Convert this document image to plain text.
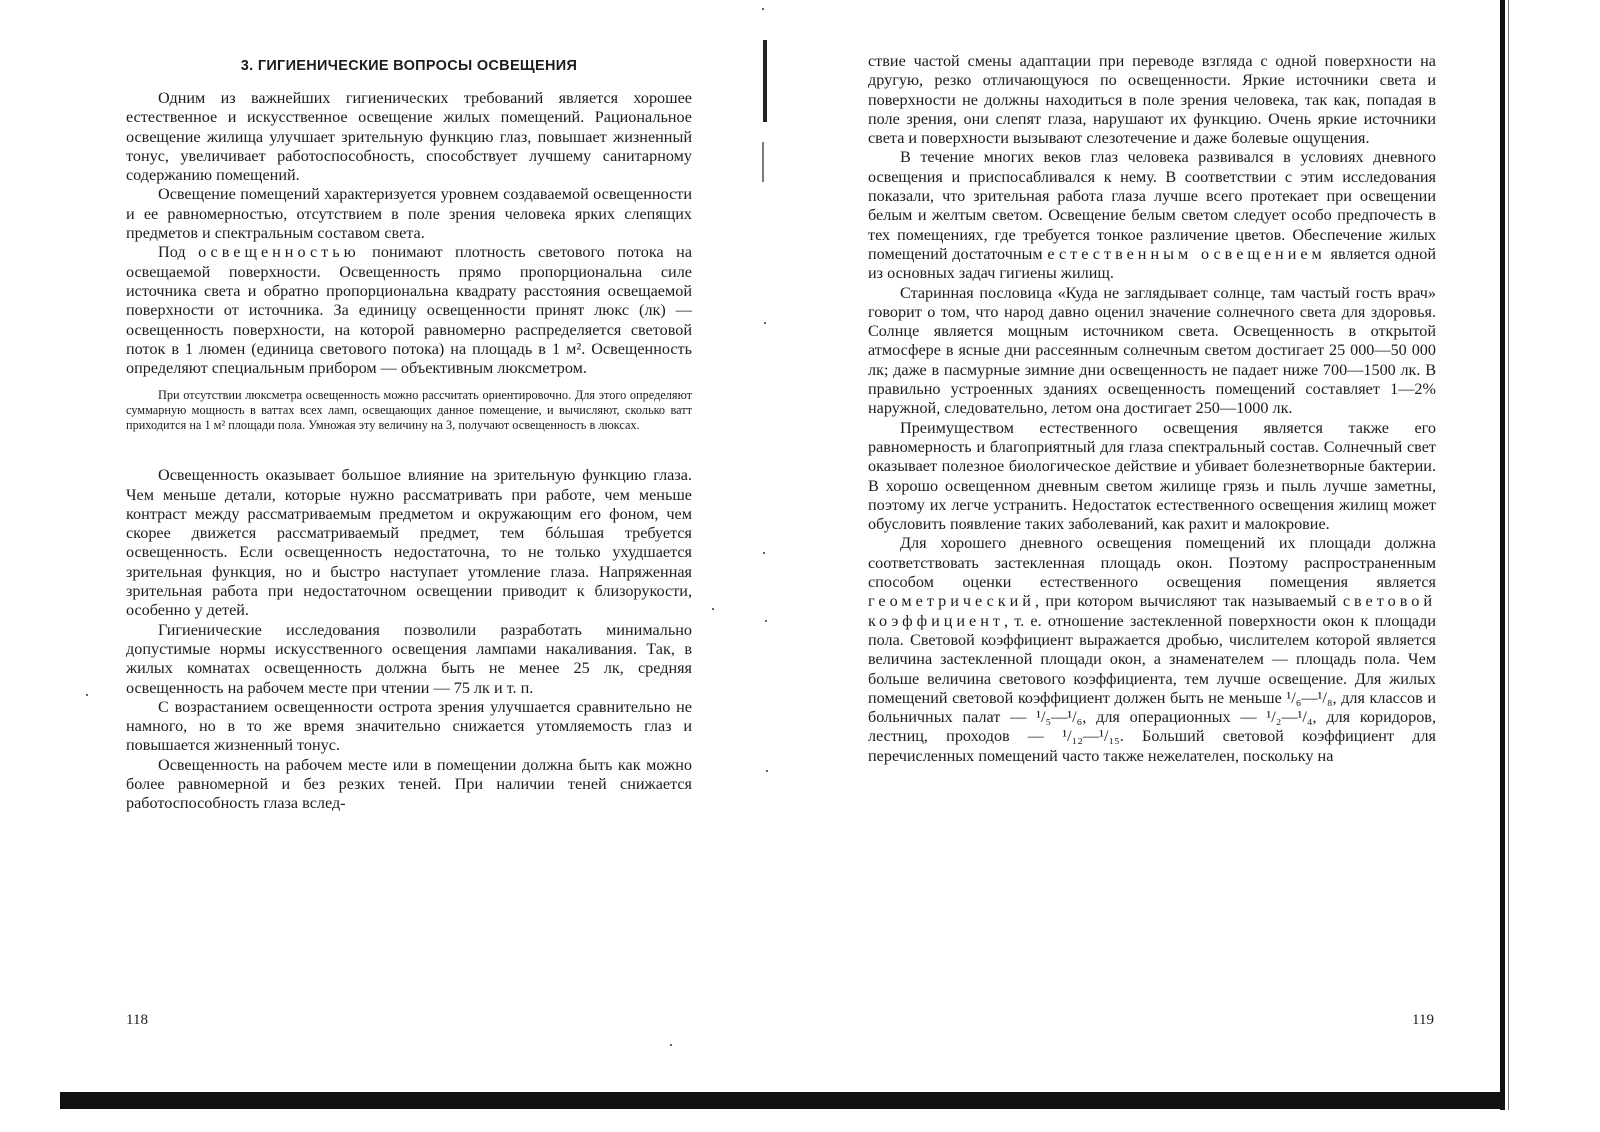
3. ГИГИЕНИЧЕСКИЕ ВОПРОСЫ ОСВЕЩЕНИЯ

Одним из важнейших гигиенических требований является хорошее естественное и искусственное освещение жилых помещений. Рациональное освещение жилища улучшает зрительную функцию глаз, повышает жизненный тонус, увеличивает работоспособность, способствует лучшему санитарному содержанию помещений.

Освещение помещений характеризуется уровнем создаваемой освещенности и ее равномерностью, отсутствием в поле зрения человека ярких слепящих предметов и спектральным составом света.

Под освещенностью понимают плотность светового потока на освещаемой поверхности. Освещенность прямо пропорциональна силе источника света и обратно пропорциональна квадрату расстояния освещаемой поверхности от источника. За единицу освещенности принят люкс (лк) —освещенность поверхности, на которой равномерно распределяется световой поток в 1 люмен (единица светового потока) на площадь в 1 м². Освещенность определяют специальным прибором — объективным люксметром.

При отсутствии люксметра освещенность можно рассчитать ориентировочно. Для этого определяют суммарную мощность в ваттах всех ламп, освещающих данное помещение, и вычисляют, сколько ватт приходится на 1 м² площади пола. Умножая эту величину на 3, получают освещенность в люксах.

Освещенность оказывает большое влияние на зрительную функцию глаза. Чем меньше детали, которые нужно рассматривать при работе, чем меньше контраст между рассматриваемым предметом и окружающим его фоном, чем скорее движется рассматриваемый предмет, тем бóльшая требуется освещенность. Если освещенность недостаточна, то не только ухудшается зрительная функция, но и быстро наступает утомление глаза. Напряженная зрительная работа при недостаточном освещении приводит к близорукости, особенно у детей.

Гигиенические исследования позволили разработать минимально допустимые нормы искусственного освещения лампами накаливания. Так, в жилых комнатах освещенность должна быть не менее 25 лк, средняя освещенность на рабочем месте при чтении — 75 лк и т. п.

С возрастанием освещенности острота зрения улучшается сравнительно не намного, но в то же время значительно снижается утомляемость глаз и повышается жизненный тонус.

Освещенность на рабочем месте или в помещении должна быть как можно более равномерной и без резких теней. При наличии теней снижается работоспособность глаза вслед-

118

ствие частой смены адаптации при переводе взгляда с одной поверхности на другую, резко отличающуюся по освещенности. Яркие источники света и поверхности не должны находиться в поле зрения человека, так как, попадая в поле зрения, они слепят глаза, нарушают их функцию. Очень яркие источники света и поверхности вызывают слезотечение и даже болевые ощущения.

В течение многих веков глаз человека развивался в условиях дневного освещения и приспосабливался к нему. В соответствии с этим исследования показали, что зрительная работа глаза лучше всего протекает при освещении белым и желтым светом. Освещение белым светом следует особо предпочесть в тех помещениях, где требуется тонкое различение цветов. Обеспечение жилых помещений достаточным естественным освещением является одной из основных задач гигиены жилищ.

Старинная пословица «Куда не заглядывает солнце, там частый гость врач» говорит о том, что народ давно оценил значение солнечного света для здоровья. Солнце является мощным источником света. Освещенность в открытой атмосфере в ясные дни рассеянным солнечным светом достигает 25 000—50 000 лк; даже в пасмурные зимние дни освещенность не падает ниже 700—1500 лк. В правильно устроенных зданиях освещенность помещений составляет 1—2% наружной, следовательно, летом она достигает 250—1000 лк.

Преимуществом естественного освещения является также его равномерность и благоприятный для глаза спектральный состав. Солнечный свет оказывает полезное биологическое действие и убивает болезнетворные бактерии. В хорошо освещенном дневным светом жилище грязь и пыль лучше заметны, поэтому их легче устранить. Недостаток естественного освещения жилищ может обусловить появление таких заболеваний, как рахит и малокровие.

Для хорошего дневного освещения помещений их площади должна соответствовать застекленная площадь окон. Поэтому распространенным способом оценки естественного освещения помещения является геометрический, при котором вычисляют так называемый световой коэффициент, т. е. отношение застекленной поверхности окон к площади пола. Световой коэффициент выражается дробью, числителем которой является величина застекленной площади окон, а знаменателем — площадь пола. Чем больше величина светового коэффициента, тем лучше освещение. Для жилых помещений световой коэффициент должен быть не меньше ¹/₆—¹/₈, для классов и больничных палат — ¹/₅—¹/₆, для операционных — ¹/₂—¹/₄, для коридоров, лестниц, проходов — ¹/₁₂—¹/₁₅. Больший световой коэффициент для перечисленных помещений часто также нежелателен, поскольку на

119
